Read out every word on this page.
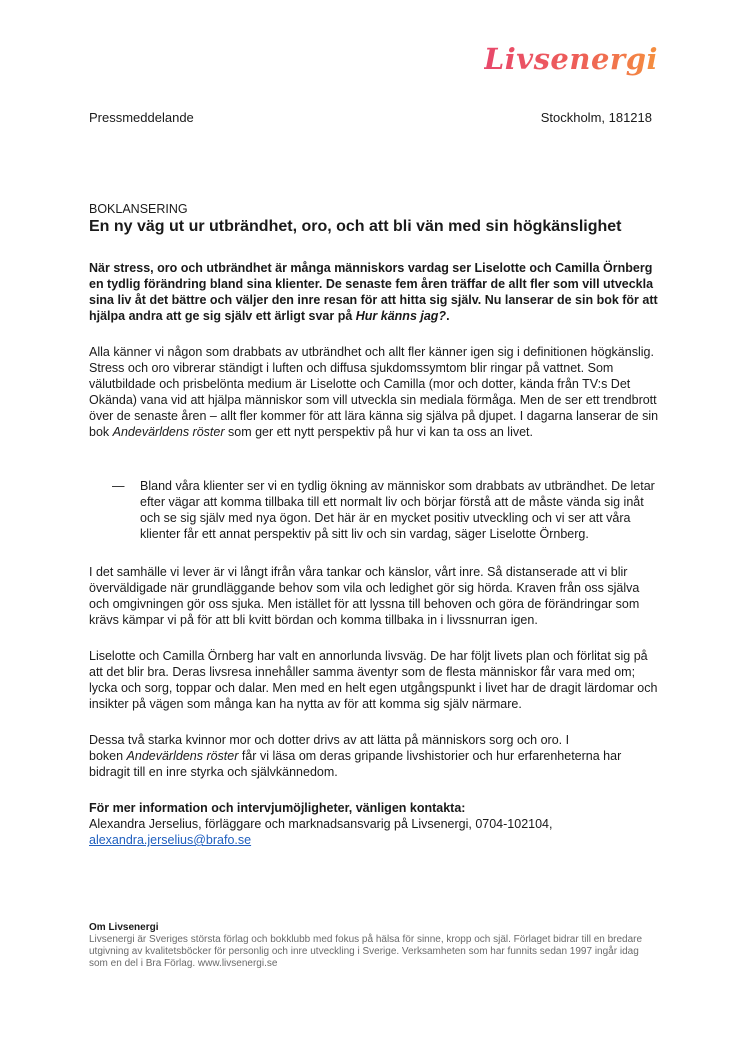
Livsenergi
Pressmeddelande	Stockholm, 181218
BOKLANSERING
En ny väg ut ur utbrändhet, oro, och att bli vän med sin högkänslighet

När stress, oro och utbrändhet är många människors vardag ser Liselotte och Camilla Örnberg en tydlig förändring bland sina klienter. De senaste fem åren träffar de allt fler som vill utveckla sina liv åt det bättre och väljer den inre resan för att hitta sig själv. Nu lanserar de sin bok för att hjälpa andra att ge sig själv ett ärligt svar på Hur känns jag?.

Alla känner vi någon som drabbats av utbrändhet och allt fler känner igen sig i definitionen högkänslig. Stress och oro vibrerar ständigt i luften och diffusa sjukdomssymtom blir ringar på vattnet. Som välutbildade och prisbelönta medium är Liselotte och Camilla (mor och dotter, kända från TV:s Det Okända) vana vid att hjälpa människor som vill utveckla sin mediala förmåga. Men de ser ett trendbrott över de senaste åren – allt fler kommer för att lära känna sig själva på djupet. I dagarna lanserar de sin bok Andevärldens röster som ger ett nytt perspektiv på hur vi kan ta oss an livet.

—	Bland våra klienter ser vi en tydlig ökning av människor som drabbats av utbrändhet. De letar efter vägar att komma tillbaka till ett normalt liv och börjar förstå att de måste vända sig inåt och se sig själv med nya ögon. Det här är en mycket positiv utveckling och vi ser att våra klienter får ett annat perspektiv på sitt liv och sin vardag, säger Liselotte Örnberg.

I det samhälle vi lever är vi långt ifrån våra tankar och känslor, vårt inre. Så distanserade att vi blir överväldigade när grundläggande behov som vila och ledighet gör sig hörda. Kraven från oss själva och omgivningen gör oss sjuka. Men istället för att lyssna till behoven och göra de förändringar som krävs kämpar vi på för att bli kvitt bördan och komma tillbaka in i livssnurran igen.

Liselotte och Camilla Örnberg har valt en annorlunda livsväg. De har följt livets plan och förlitat sig på att det blir bra. Deras livsresa innehåller samma äventyr som de flesta människor får vara med om; lycka och sorg, toppar och dalar. Men med en helt egen utgångspunkt i livet har de dragit lärdomar och insikter på vägen som många kan ha nytta av för att komma sig själv närmare.

Dessa två starka kvinnor mor och dotter drivs av att lätta på människors sorg och oro. I
boken Andevärldens röster får vi läsa om deras gripande livshistorier och hur erfarenheterna har bidragit till en inre styrka och självkännedom.

För mer information och intervjumöjligheter, vänligen kontakta:
Alexandra Jerselius, förläggare och marknadsansvarig på Livsenergi, 0704-102104,
alexandra.jerselius@brafo.se

Om Livsenergi

Livsenergi är Sveriges största förlag och bokklubb med fokus på hälsa för sinne, kropp och själ. Förlaget bidrar till en bredare utgivning av kvalitetsböcker för personlig och inre utveckling i Sverige. Verksamheten som har funnits sedan 1997 ingår idag som en del i Bra Förlag. www.livsenergi.se
